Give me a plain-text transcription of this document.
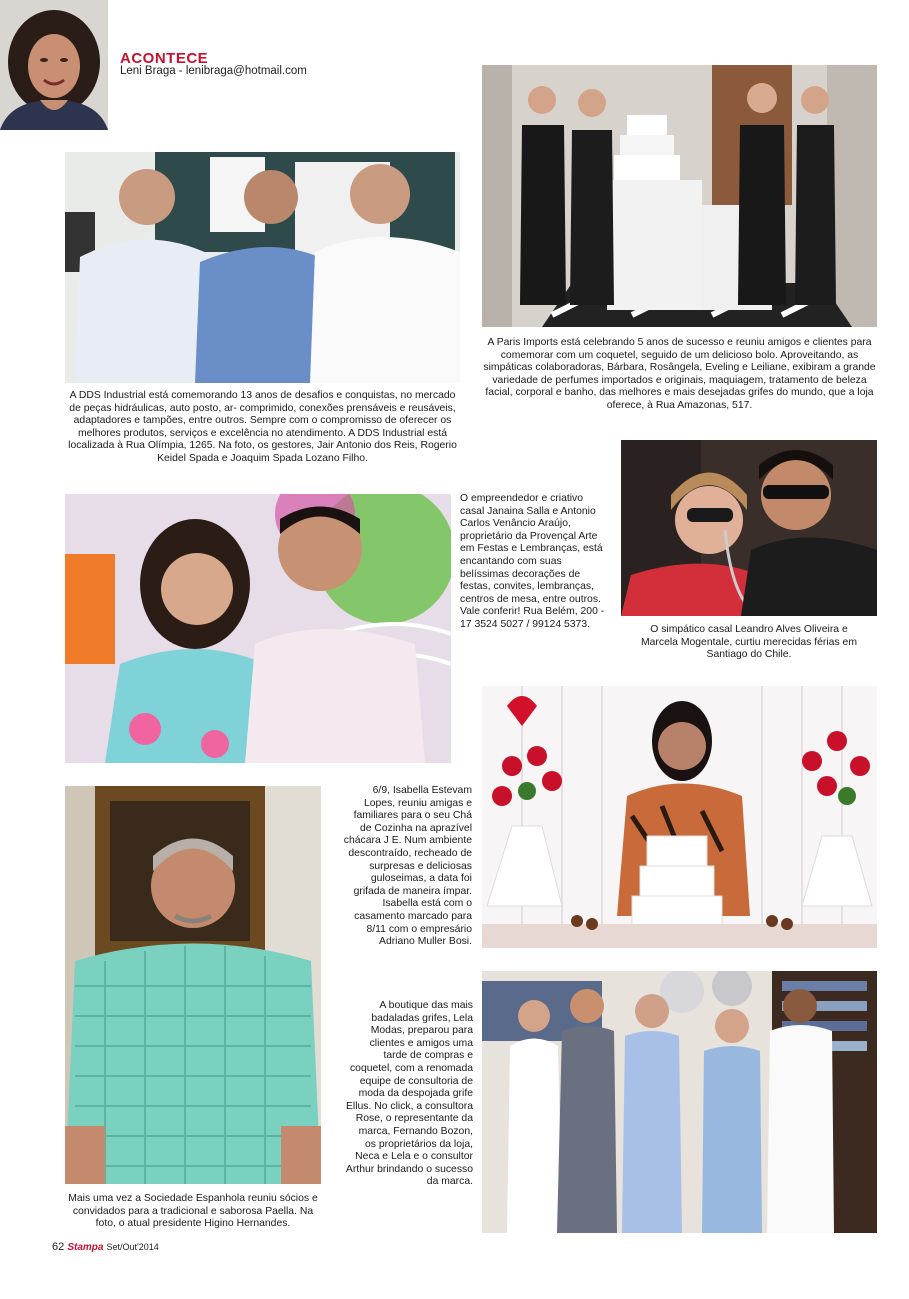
ACONTECE
Leni Braga - lenibraga@hotmail.com
A DDS Industrial está comemorando 13 anos de desafios e conquistas, no mercado de peças hidráulicas, auto posto, ar- comprimido, conexões prensáveis e reusáveis, adaptadores e tampões, entre outros. Sempre com o compromisso de oferecer os melhores produtos, serviços e excelência no atendimento. A DDS Industrial está localizada à Rua Olímpia, 1265. Na foto, os gestores, Jair Antonio dos Reis, Rogerio Keidel Spada e Joaquim Spada Lozano Filho.
A Paris Imports está celebrando 5 anos de sucesso e reuniu amigos e clientes para comemorar com um coquetel, seguido de um delicioso bolo. Aproveitando, as simpáticas colaboradoras, Bárbara, Rosângela, Eveling e Leiliane, exibiram a grande variedade de perfumes importados e originais, maquiagem, tratamento de beleza facial, corporal e banho, das melhores e mais desejadas grifes do mundo, que a loja oferece, à Rua Amazonas, 517.
O empreendedor e criativo casal Janaina Salla e Antonio Carlos Venâncio Araújo, proprietário da Provençal Arte em Festas e Lembranças, está encantando com suas belíssimas decorações de festas, convites, lembranças, centros de mesa, entre outros. Vale conferir! Rua Belém, 200 - 17 3524 5027 / 99124 5373.	O simpático casal Leandro Alves Oliveira e Marcela Mogentale, curtiu merecidas férias em Santiago do Chile.
6/9, Isabella Estevam Lopes, reuniu amigas e familiares para o seu Chá de Cozinha na aprazível chácara J E. Num ambiente descontraído, recheado de surpresas e deliciosas guloseimas, a data foi grifada de maneira ímpar. Isabella está com o casamento marcado para 8/11 com o empresário Adriano Muller Bosi.
Mais uma vez a Sociedade Espanhola reuniu sócios e convidados para a tradicional e saborosa Paella. Na foto, o atual presidente Higino Hernandes.
A boutique das mais badaladas grifes, Lela Modas, preparou para clientes e amigos uma tarde de compras e coquetel, com a renomada equipe de consultoria de moda da despojada grife Ellus. No click, a consultora Rose, o representante da marca, Fernando Bozon, os proprietários da loja, Neca e Lela e o consultor Arthur brindando o sucesso da marca.
62 Stampa Set/Out'2014
